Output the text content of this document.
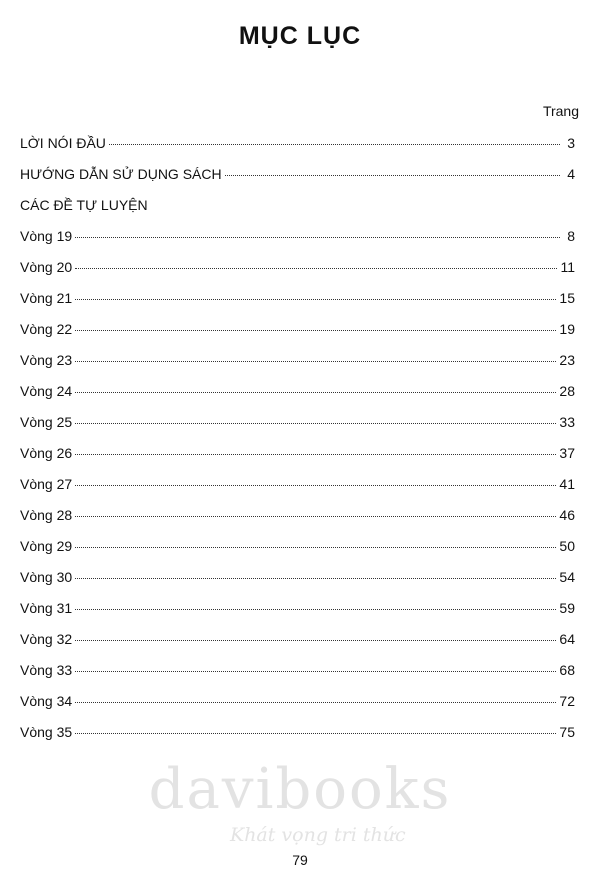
MỤC LỤC
Trang
LỜI NÓI ĐẦU	3
HƯỚNG DẪN SỬ DỤNG SÁCH	4
CÁC ĐỀ TỰ LUYỆN
Vòng 19	8
Vòng 20	11
Vòng 21	15
Vòng 22	19
Vòng 23	23
Vòng 24	28
Vòng 25	33
Vòng 26	37
Vòng 27	41
Vòng 28	46
Vòng 29	50
Vòng 30	54
Vòng 31	59
Vòng 32	64
Vòng 33	68
Vòng 34	72
Vòng 35	75
davibooks
Khát vọng tri thức
79
